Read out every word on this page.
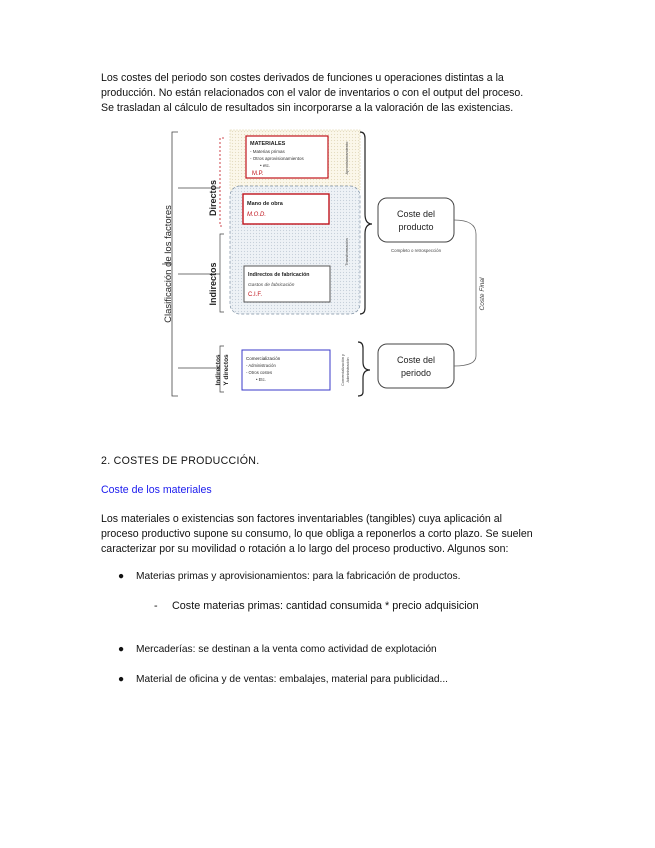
Los costes del periodo son costes derivados de funciones u operaciones distintas a la
producción. No están relacionados con el valor de inventarios o con el output del proceso.
Se trasladan al cálculo de resultados sin incorporarse a la valoración de las existencias.
Clasificación de los factores
Directos
Indirectos
Indirectos Y directos
MATERIALES
- Materias primas
- Otros aprovisionamientos
• etc.
M.P.	Aprovisionamiento
Mano de obra
M.O.D.
Transformación
Indirectos de fabricación
Gastos de fabricación
C.I.F.
Comercialización
- Administración
- Otros costes
• Etc.	Comercialización y Administración
Coste del
producto
Completo o retrospección
Coste del
periodo
Coste Final
2. COSTES DE PRODUCCIÓN.
Coste de los materiales
Los materiales o existencias son factores inventariables (tangibles) cuya aplicación al
proceso productivo supone su consumo, lo que obliga a reponerlos a corto plazo. Se suelen
caracterizar por su movilidad o rotación a lo largo del proceso productivo. Algunos son:
● Materias primas y aprovisionamientos: para la fabricación de productos.
- Coste materias primas: cantidad consumida * precio adquisicion
● Mercaderías: se destinan a la venta como actividad de explotación
● Material de oficina y de ventas: embalajes, material para publicidad...
